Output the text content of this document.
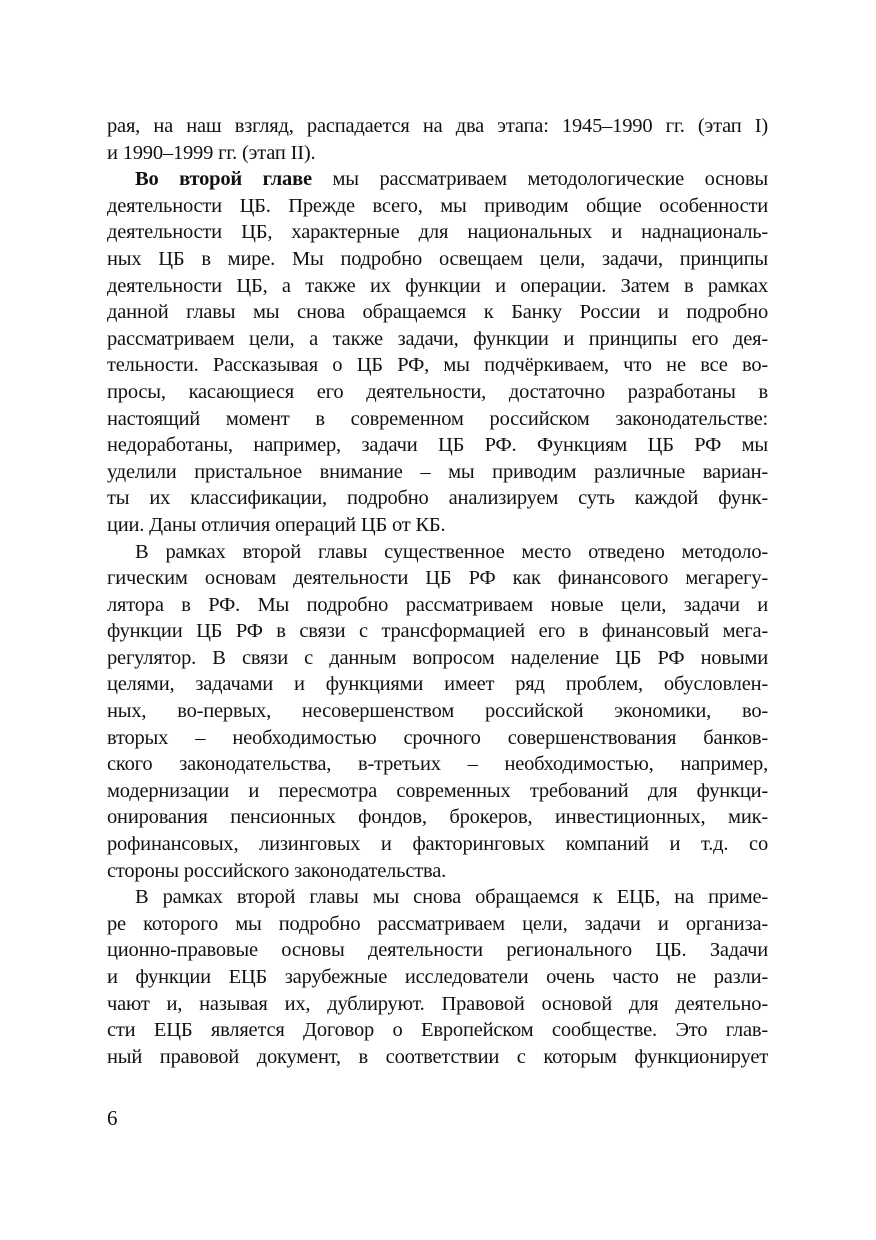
рая, на наш взгляд, распадается на два этапа: 1945–1990 гг. (этап I)
и 1990–1999 гг. (этап II).
Во второй главе мы рассматриваем методологические основы
деятельности ЦБ. Прежде всего, мы приводим общие особенности
деятельности ЦБ, характерные для национальных и наднациональ-
ных ЦБ в мире. Мы подробно освещаем цели, задачи, принципы
деятельности ЦБ, а также их функции и операции. Затем в рамках
данной главы мы снова обращаемся к Банку России и подробно
рассматриваем цели, а также задачи, функции и принципы его дея-
тельности. Рассказывая о ЦБ РФ, мы подчёркиваем, что не все во-
просы, касающиеся его деятельности, достаточно разработаны в
настоящий момент в современном российском законодательстве:
недоработаны, например, задачи ЦБ РФ. Функциям ЦБ РФ мы
уделили пристальное внимание – мы приводим различные вариан-
ты их классификации, подробно анализируем суть каждой функ-
ции. Даны отличия операций ЦБ от КБ.
В рамках второй главы существенное место отведено методоло-
гическим основам деятельности ЦБ РФ как финансового мегарегу-
лятора в РФ. Мы подробно рассматриваем новые цели, задачи и
функции ЦБ РФ в связи с трансформацией его в финансовый мега-
регулятор. В связи с данным вопросом наделение ЦБ РФ новыми
целями, задачами и функциями имеет ряд проблем, обусловлен-
ных, во-первых, несовершенством российской экономики, во-
вторых – необходимостью срочного совершенствования банков-
ского законодательства, в-третьих – необходимостью, например,
модернизации и пересмотра современных требований для функци-
онирования пенсионных фондов, брокеров, инвестиционных, мик-
рофинансовых, лизинговых и факторинговых компаний и т.д. со
стороны российского законодательства.
В рамках второй главы мы снова обращаемся к ЕЦБ, на приме-
ре которого мы подробно рассматриваем цели, задачи и организа-
ционно-правовые основы деятельности регионального ЦБ. Задачи
и функции ЕЦБ зарубежные исследователи очень часто не разли-
чают и, называя их, дублируют. Правовой основой для деятельно-
сти ЕЦБ является Договор о Европейском сообществе. Это глав-
ный правовой документ, в соответствии с которым функционирует
6
